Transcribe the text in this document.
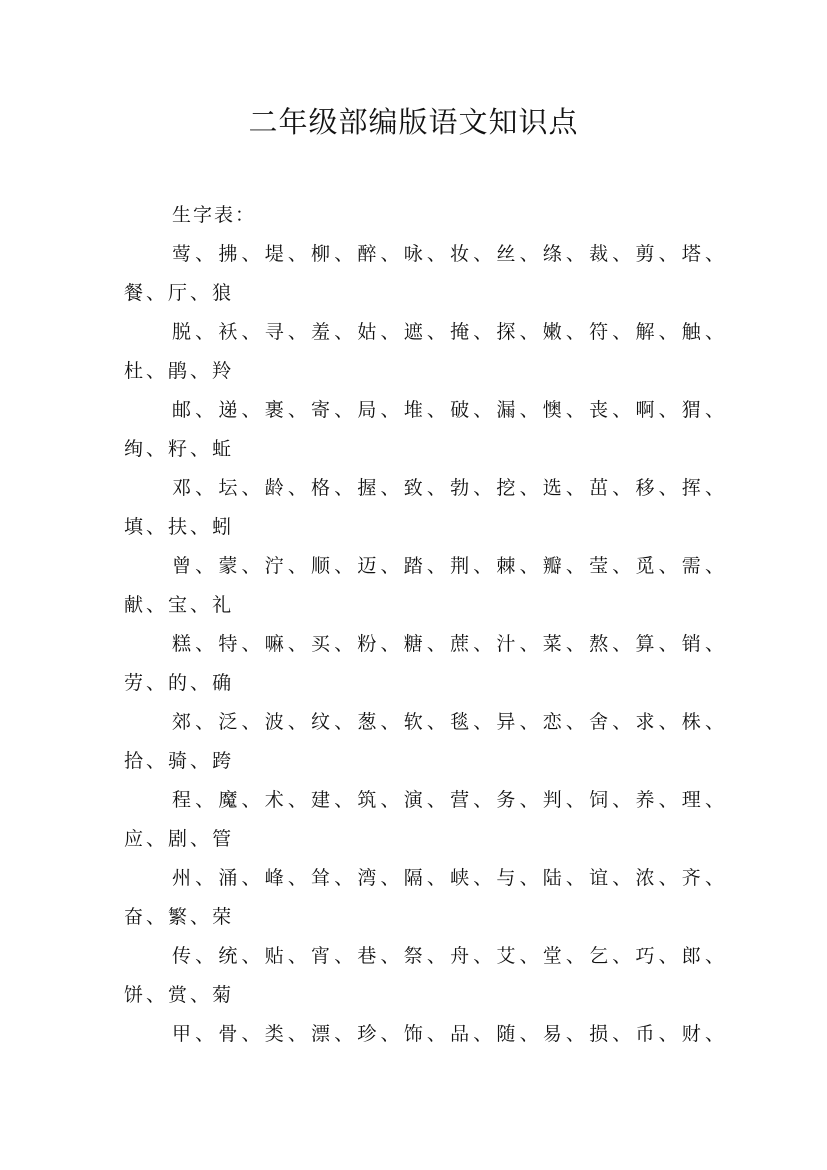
二年级部编版语文知识点
生字表：
莺 、 拂 、 堤 、 柳 、 醉 、 咏 、 妆 、 丝 、 绦 、 裁 、 剪 、 塔 、
餐 、 厅 、 狼
脱 、 袄 、 寻 、 羞 、 姑 、 遮 、 掩 、 探 、 嫩 、 符 、 解 、 触 、
杜 、 鹃 、 羚
邮 、 递 、 裹 、 寄 、 局 、 堆 、 破 、 漏 、 懊 、 丧 、 啊 、 猬 、
绚 、 籽 、 蚯
邓 、 坛 、 龄 、 格 、 握 、 致 、 勃 、 挖 、 选 、 茁 、 移 、 挥 、
填 、 扶 、 蚓
曾 、 蒙 、 泞 、 顺 、 迈 、 踏 、 荆 、 棘 、 瓣 、 莹 、 觅 、 需 、
献 、 宝 、 礼
糕 、 特 、 嘛 、 买 、 粉 、 糖 、 蔗 、 汁 、 菜 、 熬 、 算 、 销 、
劳 、 的 、 确
郊 、 泛 、 波 、 纹 、 葱 、 软 、 毯 、 异 、 恋 、 舍 、 求 、 株 、
拾 、 骑 、 跨
程 、 魔 、 术 、 建 、 筑 、 演 、 营 、 务 、 判 、 饲 、 养 、 理 、
应 、 剧 、 管
州 、 涌 、 峰 、 耸 、 湾 、 隔 、 峡 、 与 、 陆 、 谊 、 浓 、 齐 、
奋 、 繁 、 荣
传 、 统 、 贴 、 宵 、 巷 、 祭 、 舟 、 艾 、 堂 、 乞 、 巧 、 郎 、
饼 、 赏 、 菊
甲 、 骨 、 类 、 漂 、 珍 、 饰 、 品 、 随 、 易 、 损 、 币 、 财 、
